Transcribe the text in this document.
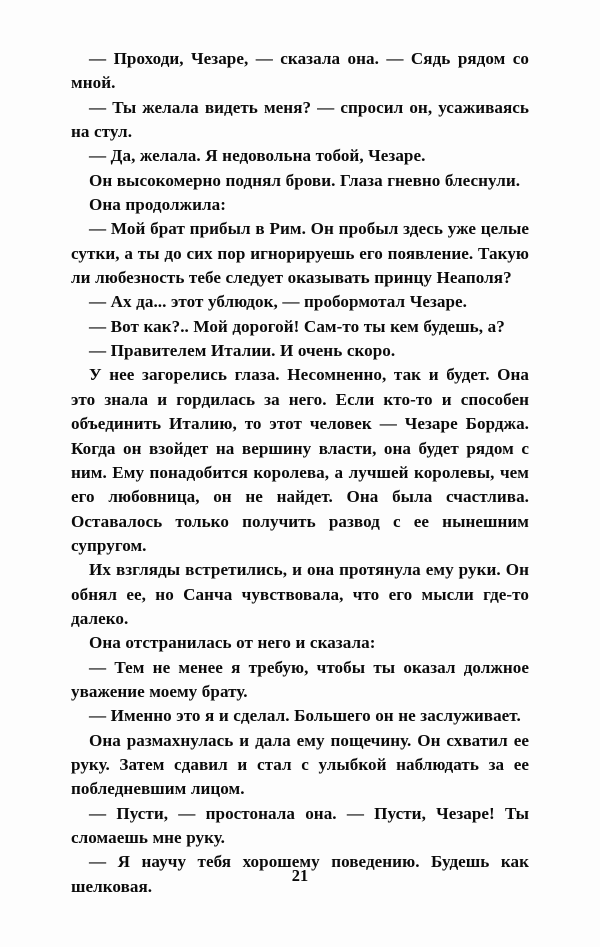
— Проходи, Чезаре, — сказала она. — Сядь рядом со мной.

— Ты желала видеть меня? — спросил он, усаживаясь на стул.

— Да, желала. Я недовольна тобой, Чезаре.

Он высокомерно поднял брови. Глаза гневно блеснули.

Она продолжила:

— Мой брат прибыл в Рим. Он пробыл здесь уже целые сутки, а ты до сих пор игнорируешь его появление. Такую ли любезность тебе следует оказывать принцу Неаполя?

— Ах да... этот ублюдок, — пробормотал Чезаре.

— Вот как?.. Мой дорогой! Сам-то ты кем будешь, а?

— Правителем Италии. И очень скоро.

У нее загорелись глаза. Несомненно, так и будет. Она это знала и гордилась за него. Если кто-то и способен объединить Италию, то этот человек — Чезаре Борджа. Когда он взойдет на вершину власти, она будет рядом с ним. Ему понадобится королева, а лучшей королевы, чем его любовница, он не найдет. Она была счастлива. Оставалось только получить развод с ее нынешним супругом.

Их взгляды встретились, и она протянула ему руки. Он обнял ее, но Санча чувствовала, что его мысли где-то далеко.

Она отстранилась от него и сказала:

— Тем не менее я требую, чтобы ты оказал должное уважение моему брату.

— Именно это я и сделал. Большего он не заслуживает.

Она размахнулась и дала ему пощечину. Он схватил ее руку. Затем сдавил и стал с улыбкой наблюдать за ее побледневшим лицом.

— Пусти, — простонала она. — Пусти, Чезаре! Ты сломаешь мне руку.

— Я научу тебя хорошему поведению. Будешь как шелковая.

21
